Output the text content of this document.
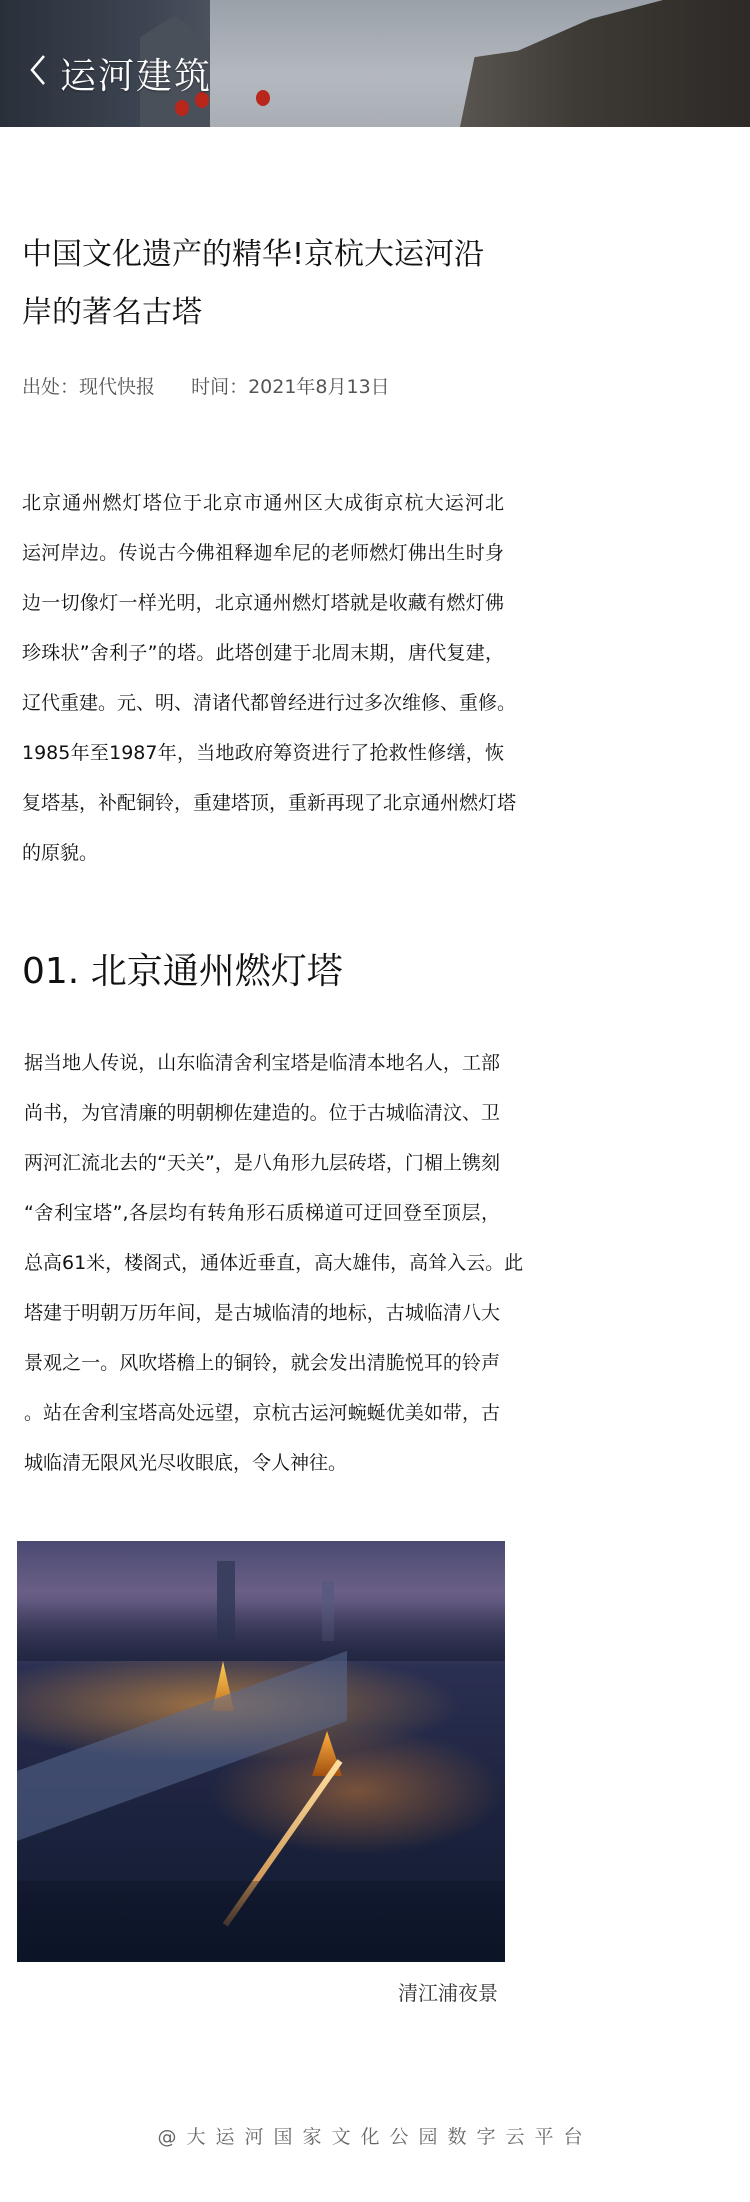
运河建筑
中国文化遗产的精华!京杭大运河沿
岸的著名古塔
出处：现代快报 时间：2021年8月13日
北京通州燃灯塔位于北京市通州区大成街京杭大运河北
运河岸边。传说古今佛祖释迦牟尼的老师燃灯佛出生时身
边一切像灯一样光明，北京通州燃灯塔就是收藏有燃灯佛
珍珠状”舍利子”的塔。此塔创建于北周末期，唐代复建，
辽代重建。元、明、清诸代都曾经进行过多次维修、重修。
1985年至1987年，当地政府筹资进行了抢救性修缮，恢
复塔基，补配铜铃，重建塔顶，重新再现了北京通州燃灯塔
的原貌。
01. 北京通州燃灯塔
据当地人传说，山东临清舍利宝塔是临清本地名人，工部
尚书，为官清廉的明朝柳佐建造的。位于古城临清汶、卫
两河汇流北去的“天关”，是八角形九层砖塔，门楣上镌刻
“舍利宝塔”,各层均有转角形石质梯道可迂回登至顶层，
总高61米，楼阁式，通体近垂直，高大雄伟，高耸入云。此
塔建于明朝万历年间，是古城临清的地标，古城临清八大
景观之一。风吹塔檐上的铜铃，就会发出清脆悦耳的铃声
。站在舍利宝塔高处远望，京杭古运河蜿蜒优美如带，古
城临清无限风光尽收眼底，令人神往。
清江浦夜景
@大运河国家文化公园数字云平台
